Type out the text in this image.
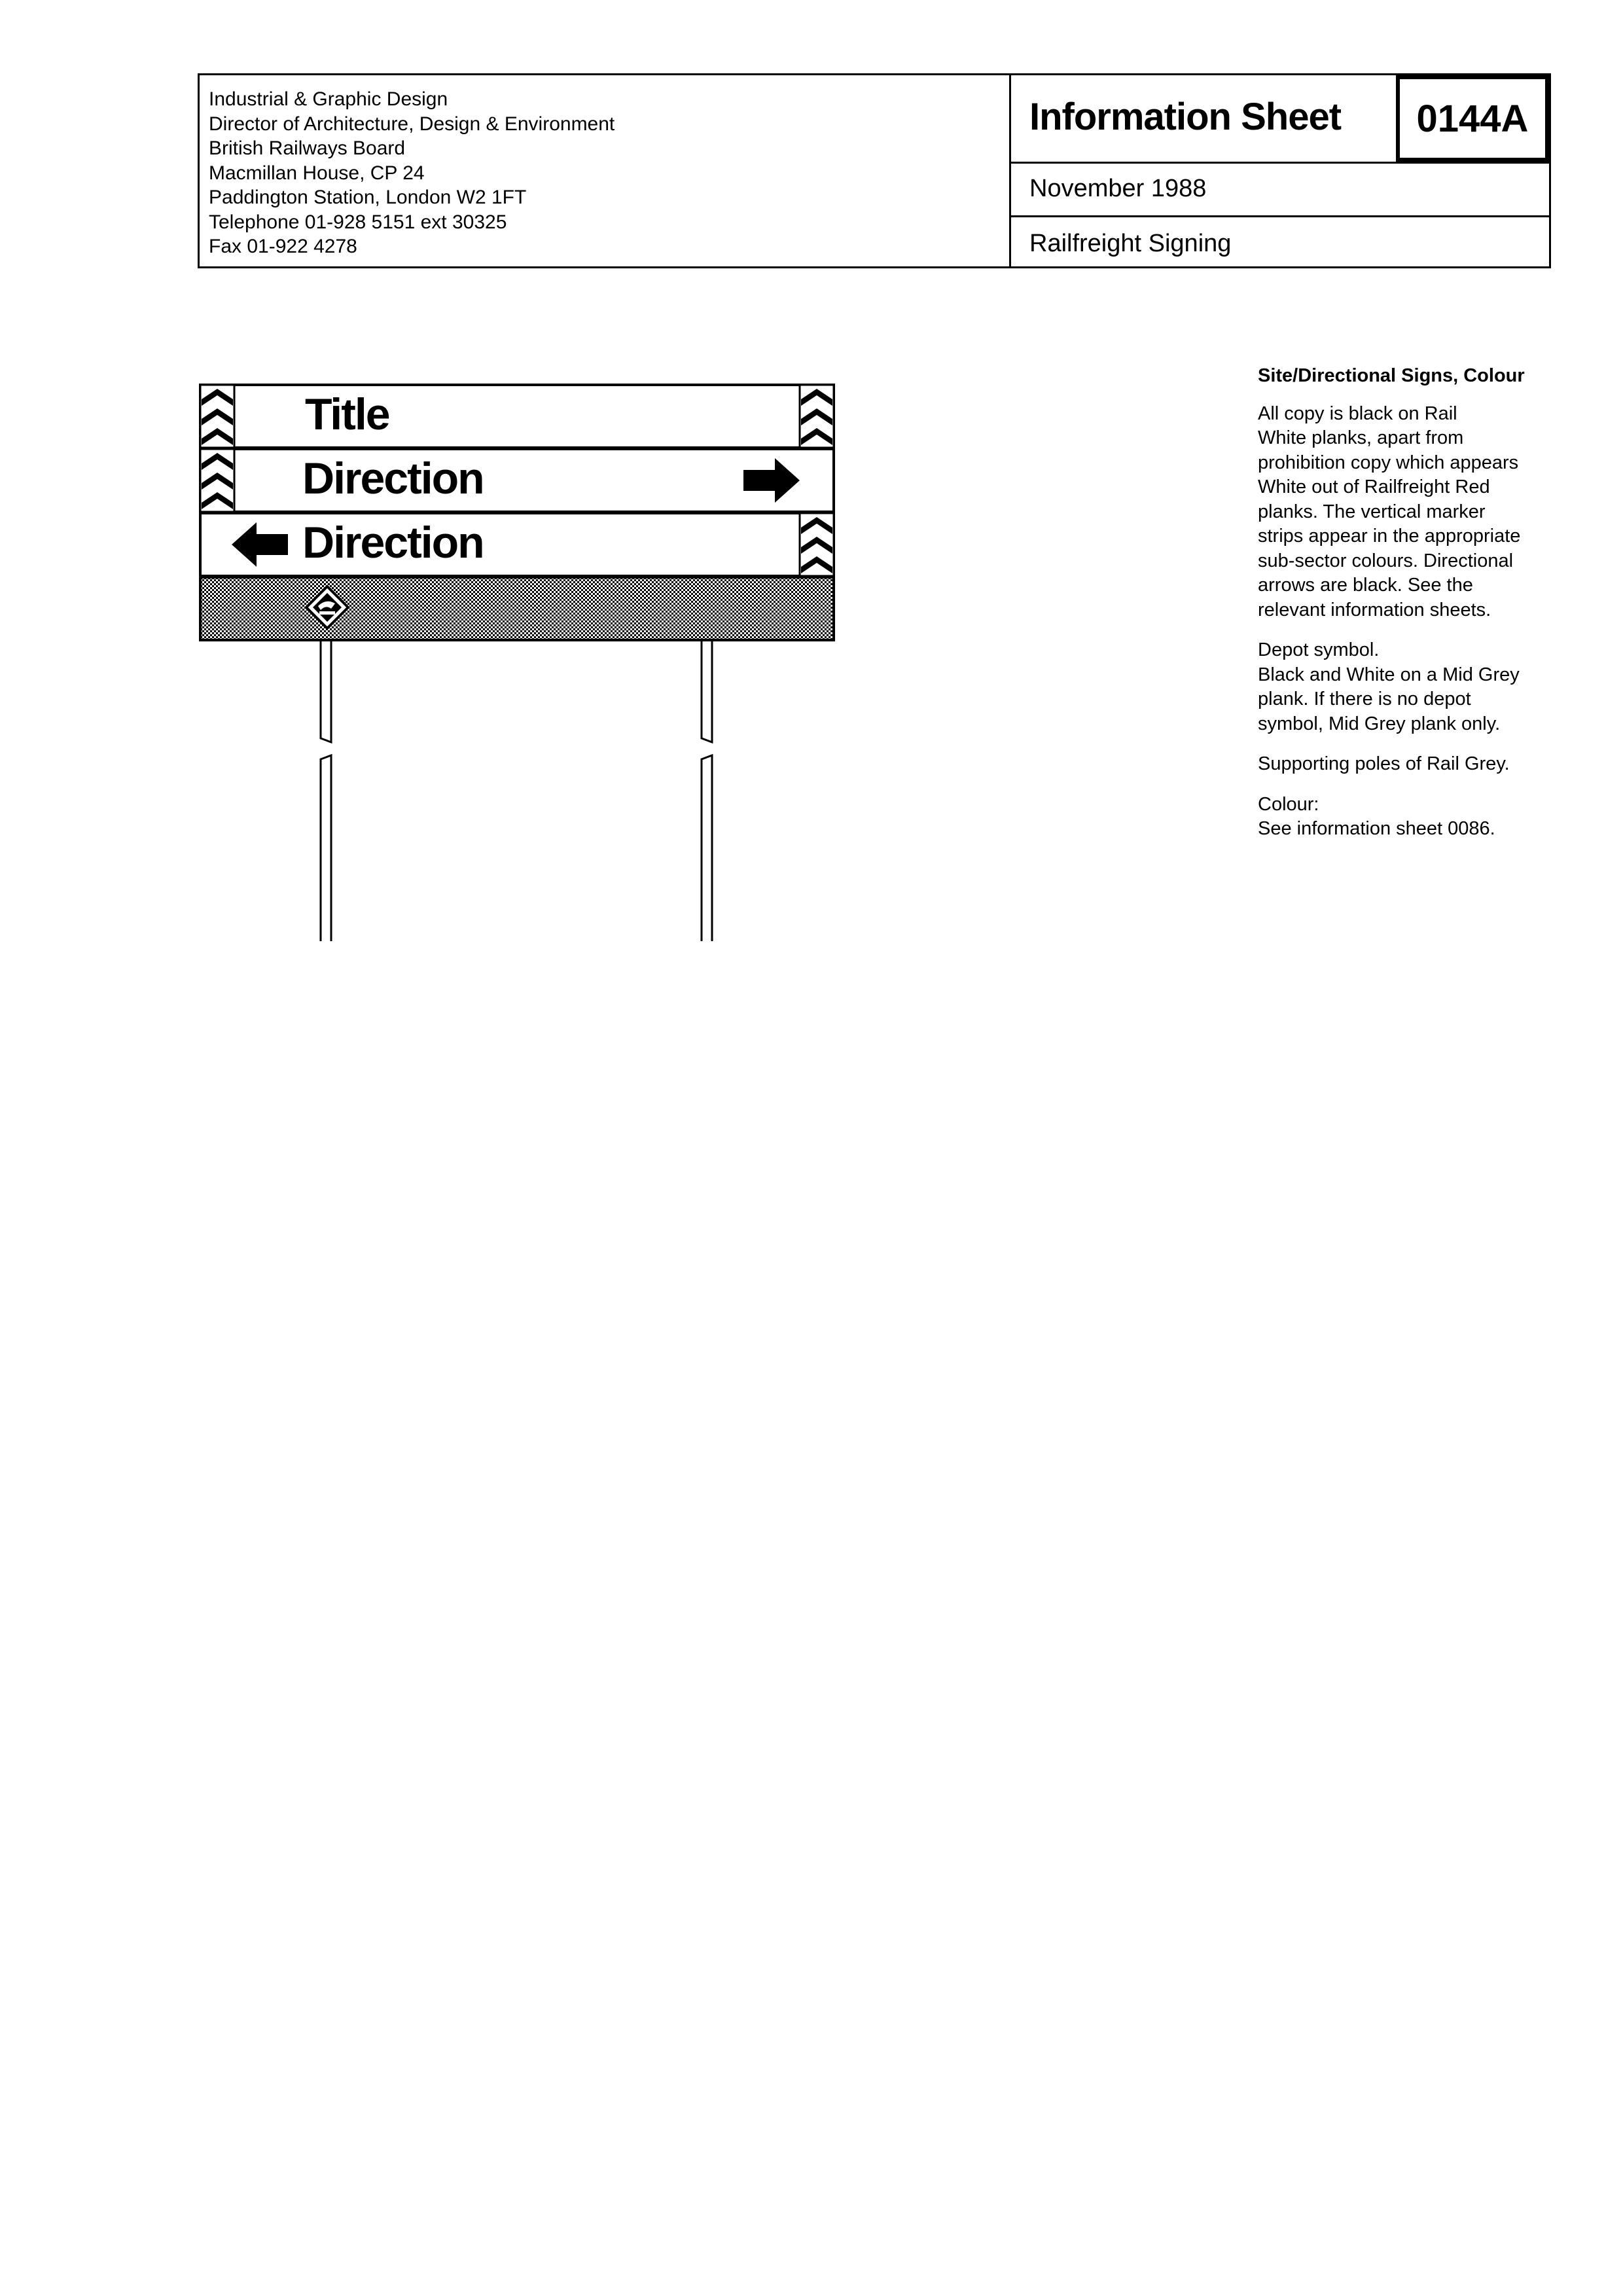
Industrial & Graphic Design
Director of Architecture, Design & Environment
British Railways Board
Macmillan House, CP 24
Paddington Station, London W2 1FT
Telephone 01-928 5151 ext 30325
Fax 01-922 4278
Information Sheet	0144A
November 1988
Railfreight Signing
Title
Direction
Direction

Site/Directional Signs, Colour

All copy is black on Rail
White planks, apart from
prohibition copy which appears
White out of Railfreight Red
planks. The vertical marker
strips appear in the appropriate
sub-sector colours. Directional
arrows are black. See the
relevant information sheets.

Depot symbol.
Black and White on a Mid Grey
plank. If there is no depot
symbol, Mid Grey plank only.

Supporting poles of Rail Grey.

Colour:
See information sheet 0086.
